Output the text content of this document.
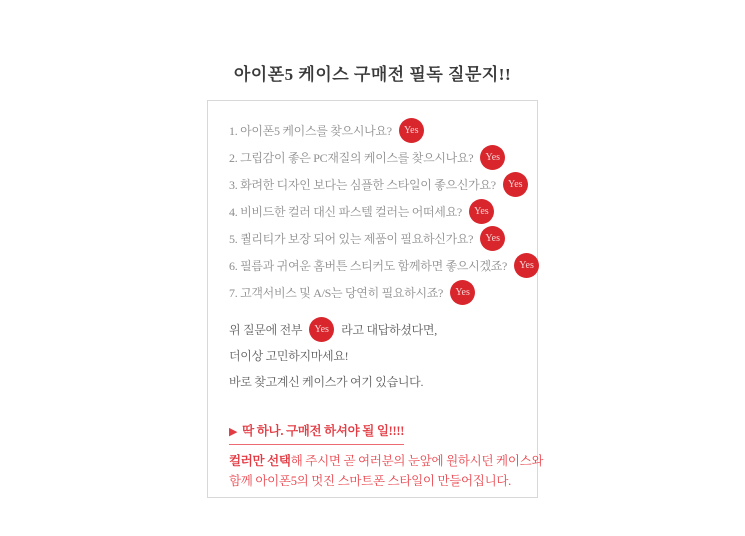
아이폰5 케이스 구매전 필독 질문지!!
1. 아이폰5 케이스를 찾으시나요?	Yes
2. 그립감이 좋은 PC재질의 케이스를 찾으시나요?	Yes
3. 화려한 디자인 보다는 심플한 스타일이 좋으신가요?	Yes
4. 비비드한 컬러 대신 파스텔 컬러는 어떠세요?	Yes
5. 퀄리티가 보장 되어 있는 제품이 필요하신가요?	Yes
6. 필름과 귀여운 홈버튼 스티커도 함께하면 좋으시겠죠?	Yes
7. 고객서비스 및 A/S는 당연히 필요하시죠?	Yes
위 질문에 전부	Yes	라고 대답하셨다면,
더이상 고민하지마세요!
바로 찾고계신 케이스가 여기 있습니다.
▶ 딱 하나. 구매전 하셔야 될 일!!!!
컬러만 선택해 주시면 곧 여러분의 눈앞에 원하시던 케이스와
함께 아이폰5의 멋진 스마트폰 스타일이 만들어집니다.
